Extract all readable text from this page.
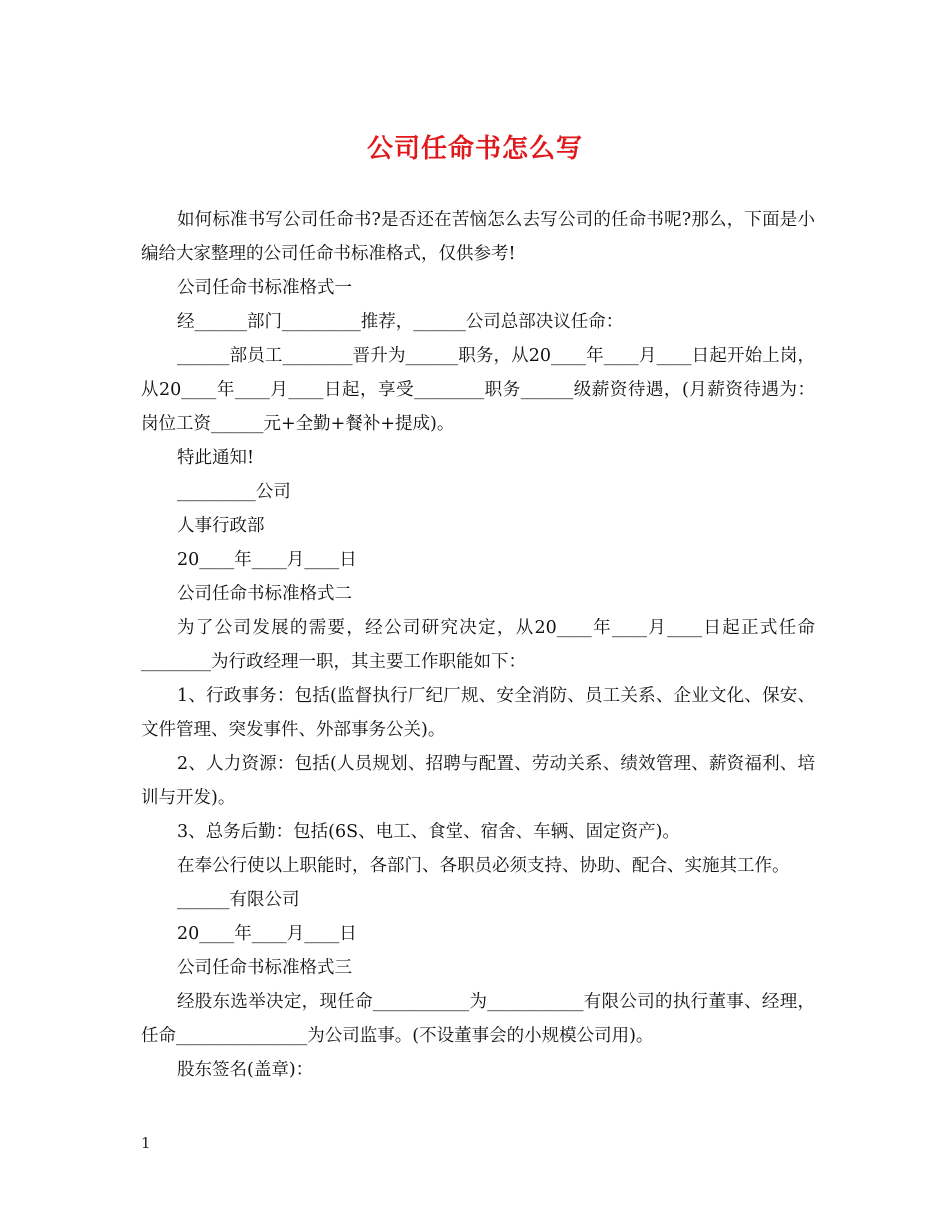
公司任命书怎么写

如何标准书写公司任命书?是否还在苦恼怎么去写公司的任命书呢?那么，下面是小编给大家整理的公司任命书标准格式，仅供参考!

公司任命书标准格式一

经______部门_________推荐，______公司总部决议任命：

______部员工________晋升为______职务，从20____年____月____日起开始上岗，从20____年____月____日起，享受________职务______级薪资待遇，(月薪资待遇为：岗位工资______元+全勤+餐补+提成)。

特此通知!

_________公司

人事行政部

20____年____月____日

公司任命书标准格式二

为了公司发展的需要，经公司研究决定，从20____年____月____日起正式任命________为行政经理一职，其主要工作职能如下：

1、行政事务：包括(监督执行厂纪厂规、安全消防、员工关系、企业文化、保安、文件管理、突发事件、外部事务公关)。

2、人力资源：包括(人员规划、招聘与配置、劳动关系、绩效管理、薪资福利、培训与开发)。

3、总务后勤：包括(6S、电工、食堂、宿舍、车辆、固定资产)。

在奉公行使以上职能时，各部门、各职员必须支持、协助、配合、实施其工作。

______有限公司

20____年____月____日

公司任命书标准格式三

经股东选举决定，现任命___________为___________有限公司的执行董事、经理，任命_______________为公司监事。(不设董事会的小规模公司用)。

股东签名(盖章)：

1
